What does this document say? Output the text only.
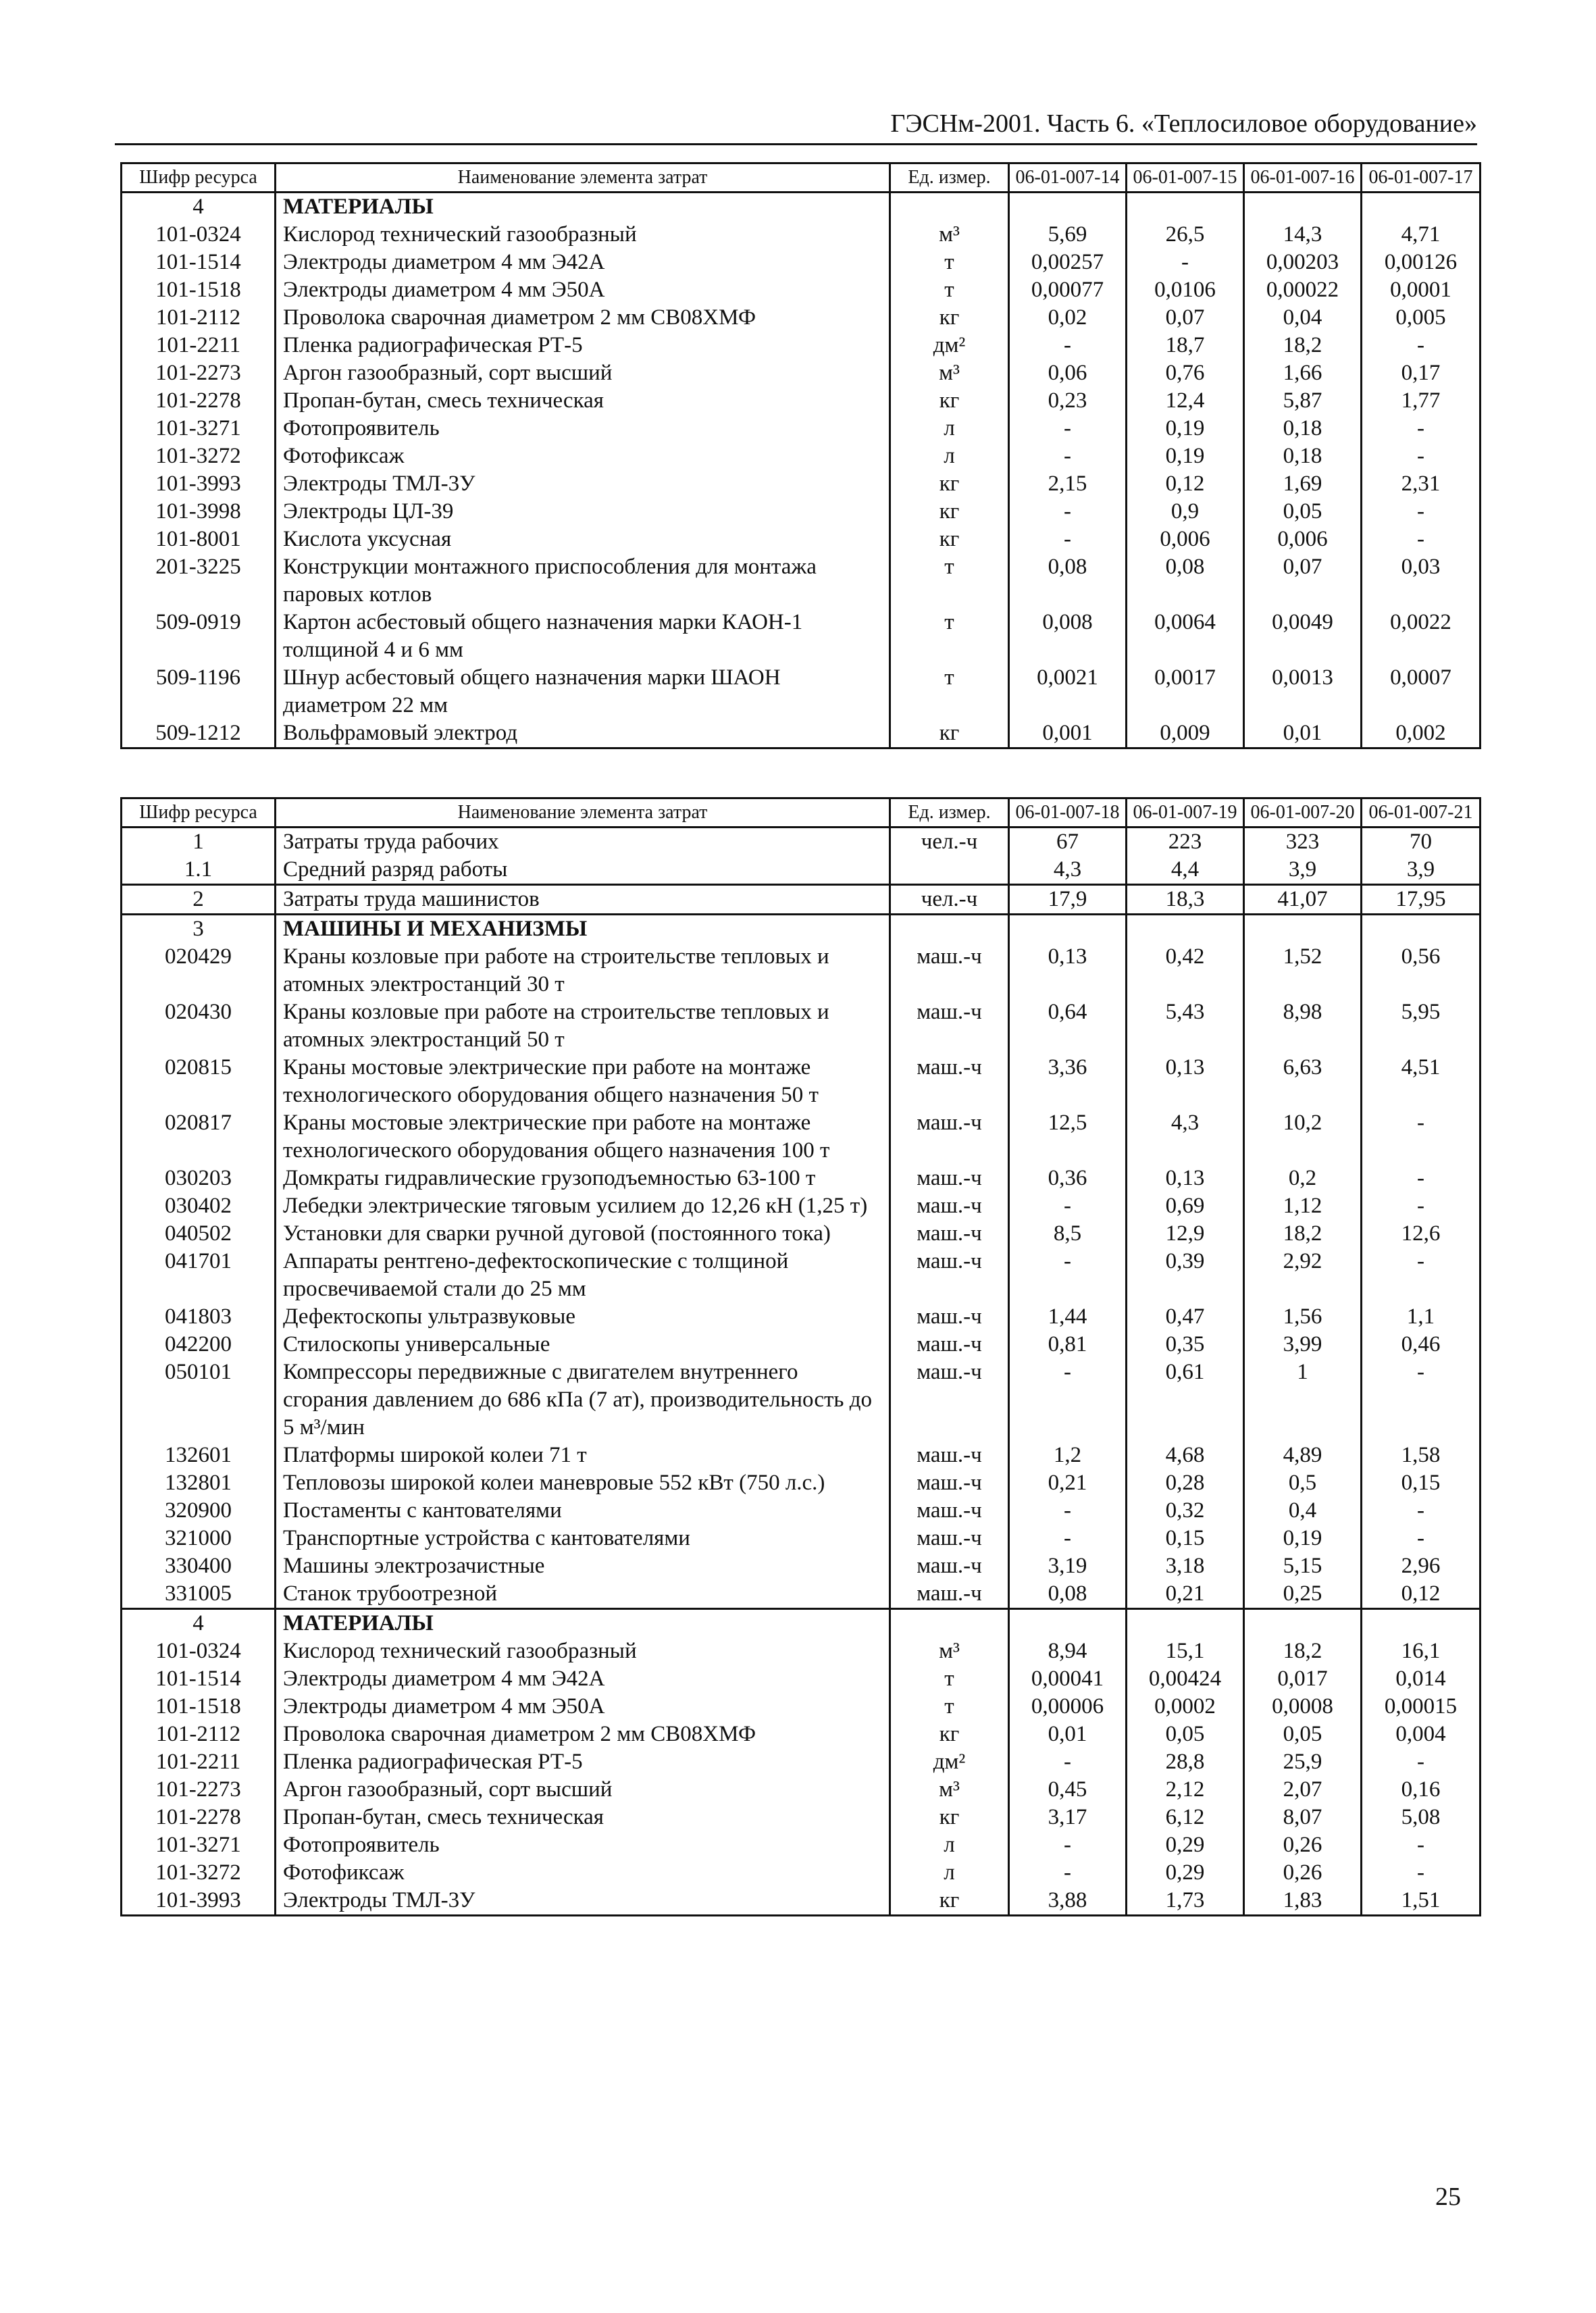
ГЭСНм-2001. Часть 6. «Теплосиловое оборудование»
Шифр ресурса	Наименование элемента затрат	Ед. измер.	06-01-007-14	06-01-007-15	06-01-007-16	06-01-007-17
4	МАТЕРИАЛЫ					
101-0324	Кислород технический газообразный	м³	5,69	26,5	14,3	4,71
101-1514	Электроды диаметром 4 мм Э42А	т	0,00257	-	0,00203	0,00126
101-1518	Электроды диаметром 4 мм Э50А	т	0,00077	0,0106	0,00022	0,0001
101-2112	Проволока сварочная диаметром 2 мм СВ08ХМФ	кг	0,02	0,07	0,04	0,005
101-2211	Пленка радиографическая РТ-5	дм²	-	18,7	18,2	-
101-2273	Аргон газообразный, сорт высший	м³	0,06	0,76	1,66	0,17
101-2278	Пропан-бутан, смесь техническая	кг	0,23	12,4	5,87	1,77
101-3271	Фотопроявитель	л	-	0,19	0,18	-
101-3272	Фотофиксаж	л	-	0,19	0,18	-
101-3993	Электроды ТМЛ-3У	кг	2,15	0,12	1,69	2,31
101-3998	Электроды ЦЛ-39	кг	-	0,9	0,05	-
101-8001	Кислота уксусная	кг	-	0,006	0,006	-
201-3225	Конструкции монтажного приспособления для монтажа паровых котлов	т	0,08	0,08	0,07	0,03
509-0919	Картон асбестовый общего назначения марки КАОН-1 толщиной 4 и 6 мм	т	0,008	0,0064	0,0049	0,0022
509-1196	Шнур асбестовый общего назначения марки ШАОН диаметром 22 мм	т	0,0021	0,0017	0,0013	0,0007
509-1212	Вольфрамовый электрод	кг	0,001	0,009	0,01	0,002
Шифр ресурса	Наименование элемента затрат	Ед. измер.	06-01-007-18	06-01-007-19	06-01-007-20	06-01-007-21
1	Затраты труда рабочих	чел.-ч	67	223	323	70
1.1	Средний разряд работы		4,3	4,4	3,9	3,9
2	Затраты труда машинистов	чел.-ч	17,9	18,3	41,07	17,95
3	МАШИНЫ И МЕХАНИЗМЫ					
020429	Краны козловые при работе на строительстве тепловых и атомных электростанций 30 т	маш.-ч	0,13	0,42	1,52	0,56
020430	Краны козловые при работе на строительстве тепловых и атомных электростанций 50 т	маш.-ч	0,64	5,43	8,98	5,95
020815	Краны мостовые электрические при работе на монтаже технологического оборудования общего назначения 50 т	маш.-ч	3,36	0,13	6,63	4,51
020817	Краны мостовые электрические при работе на монтаже технологического оборудования общего назначения 100 т	маш.-ч	12,5	4,3	10,2	-
030203	Домкраты гидравлические грузоподъемностью 63-100 т	маш.-ч	0,36	0,13	0,2	-
030402	Лебедки электрические тяговым усилием до 12,26 кН (1,25 т)	маш.-ч	-	0,69	1,12	-
040502	Установки для сварки ручной дуговой (постоянного тока)	маш.-ч	8,5	12,9	18,2	12,6
041701	Аппараты рентгено-дефектоскопические с толщиной просвечиваемой стали до 25 мм	маш.-ч	-	0,39	2,92	-
041803	Дефектоскопы ультразвуковые	маш.-ч	1,44	0,47	1,56	1,1
042200	Стилоскопы универсальные	маш.-ч	0,81	0,35	3,99	0,46
050101	Компрессоры передвижные с двигателем внутреннего сгорания давлением до 686 кПа (7 ат), производительность до 5 м³/мин	маш.-ч	-	0,61	1	-
132601	Платформы широкой колеи 71 т	маш.-ч	1,2	4,68	4,89	1,58
132801	Тепловозы широкой колеи маневровые 552 кВт (750 л.с.)	маш.-ч	0,21	0,28	0,5	0,15
320900	Постаменты с кантователями	маш.-ч	-	0,32	0,4	-
321000	Транспортные устройства с кантователями	маш.-ч	-	0,15	0,19	-
330400	Машины электрозачистные	маш.-ч	3,19	3,18	5,15	2,96
331005	Станок трубоотрезной	маш.-ч	0,08	0,21	0,25	0,12
4	МАТЕРИАЛЫ					
101-0324	Кислород технический газообразный	м³	8,94	15,1	18,2	16,1
101-1514	Электроды диаметром 4 мм Э42А	т	0,00041	0,00424	0,017	0,014
101-1518	Электроды диаметром 4 мм Э50А	т	0,00006	0,0002	0,0008	0,00015
101-2112	Проволока сварочная диаметром 2 мм СВ08ХМФ	кг	0,01	0,05	0,05	0,004
101-2211	Пленка радиографическая РТ-5	дм²	-	28,8	25,9	-
101-2273	Аргон газообразный, сорт высший	м³	0,45	2,12	2,07	0,16
101-2278	Пропан-бутан, смесь техническая	кг	3,17	6,12	8,07	5,08
101-3271	Фотопроявитель	л	-	0,29	0,26	-
101-3272	Фотофиксаж	л	-	0,29	0,26	-
101-3993	Электроды ТМЛ-3У	кг	3,88	1,73	1,83	1,51
25
